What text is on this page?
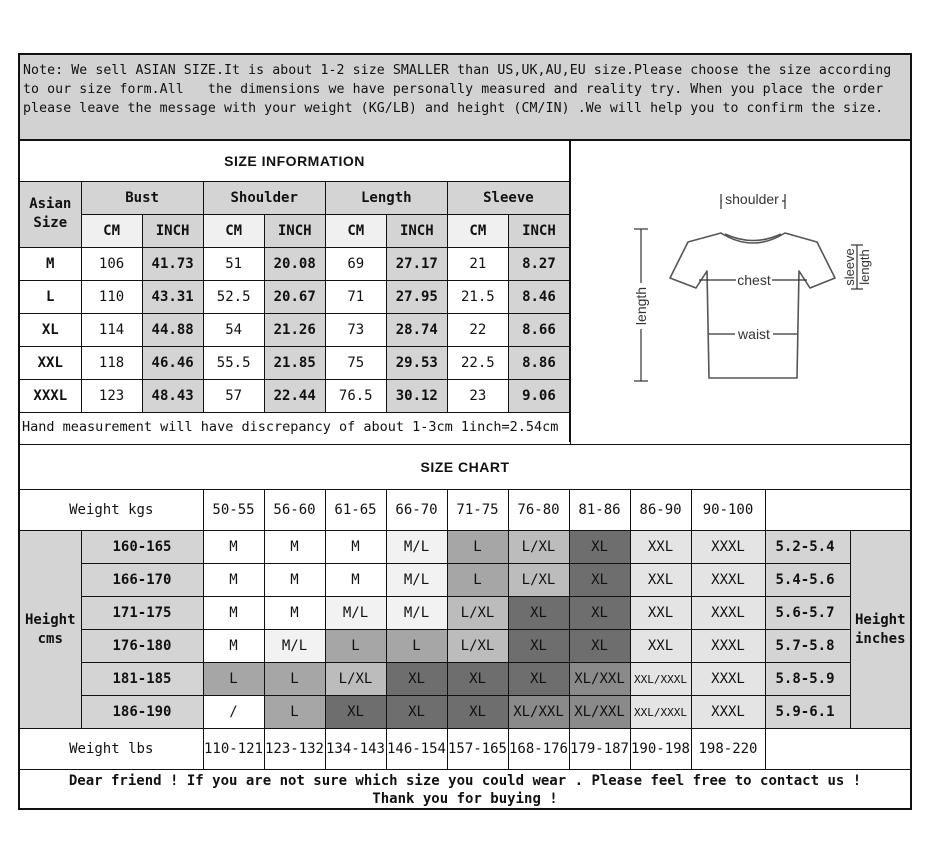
Note: We sell ASIAN SIZE.It is about 1-2 size SMALLER than US,UK,AU,EU size.Please choose the size according to our size form.All   the dimensions we have personally measured and reality try. When you place the order please leave the message with your weight (KG/LB) and height (CM/IN) .We will help you to confirm the size.
SIZE INFORMATION								
Asian Size	Bust		Shoulder		Length		Sleeve	
	CM	INCH	CM	INCH	CM	INCH	CM	INCH
M	106	41.73	51	20.08	69	27.17	21	8.27
L	110	43.31	52.5	20.67	71	27.95	21.5	8.46
XL	114	44.88	54	21.26	73	28.74	22	8.66
XXL	118	46.46	55.5	21.85	75	29.53	22.5	8.86
XXXL	123	48.43	57	22.44	76.5	30.12	23	9.06
Hand measurement will have discrepancy of about 1-3cm 1inch=2.54cm								
shoulder
chest
waist
length
sleeve length
SIZE CHART												
Weight kgs		50-55	56-60	61-65	66-70	71-75	76-80	81-86	86-90	90-100		
Height cms	160-165	M	M	M	M/L	L	L/XL	XL	XXL	XXXL	5.2-5.4	Height inches
	166-170	M	M	M	M/L	L	L/XL	XL	XXL	XXXL	5.4-5.6	
	171-175	M	M	M/L	M/L	L/XL	XL	XL	XXL	XXXL	5.6-5.7	
	176-180	M	M/L	L	L	L/XL	XL	XL	XXL	XXXL	5.7-5.8	
	181-185	L	L	L/XL	XL	XL	XL	XL/XXL	XXL/XXXL	XXXL	5.8-5.9	
	186-190	/	L	XL	XL	XL	XL/XXL	XL/XXL	XXL/XXXL	XXXL	5.9-6.1	
Weight lbs		110-121	123-132	134-143	146-154	157-165	168-176	179-187	190-198	198-220		

Dear friend ! If you are not sure which size you could wear . Please feel free to contact us !
Thank you for buying !												
